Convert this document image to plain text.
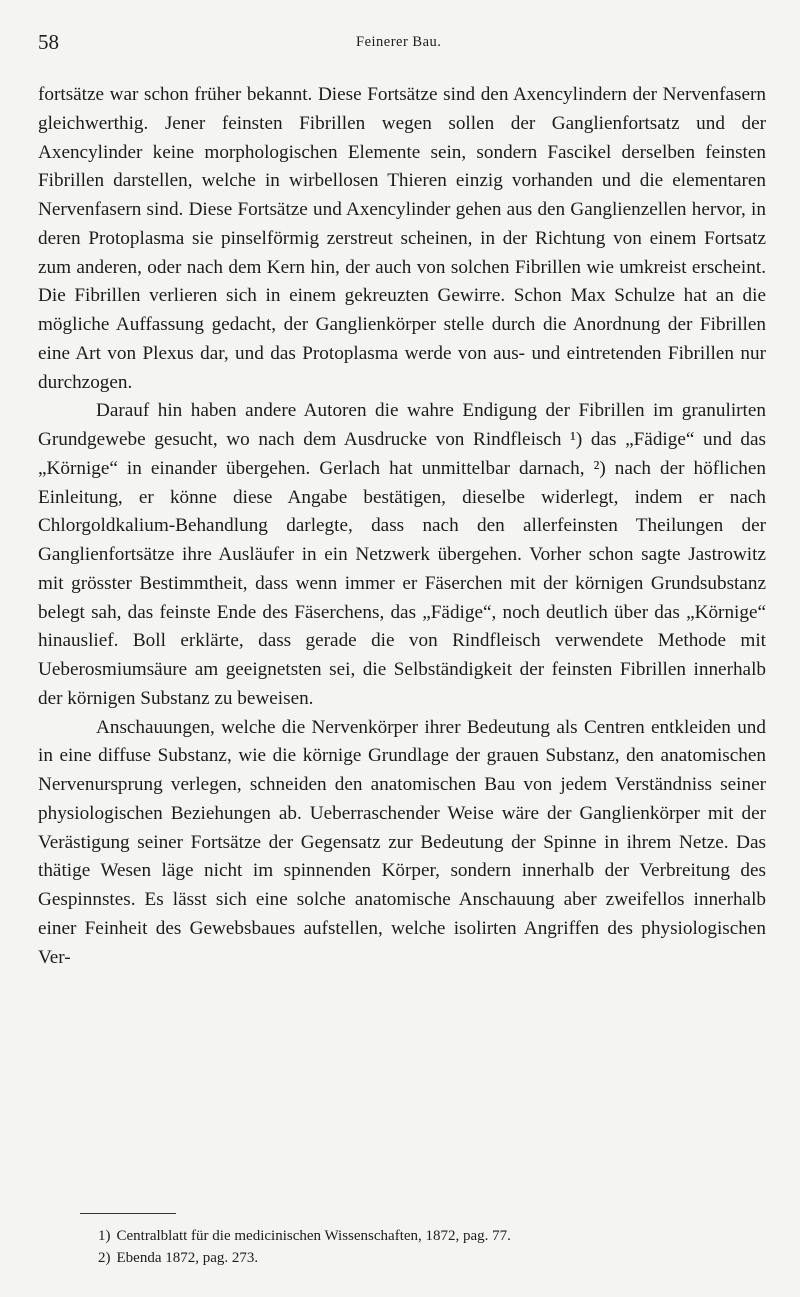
58	Feinerer Bau.

fortsätze war schon früher bekannt. Diese Fortsätze sind den Axencylindern der Nervenfasern gleichwerthig. Jener feinsten Fibrillen wegen sollen der Ganglienfortsatz und der Axencylinder keine morphologischen Elemente sein, sondern Fascikel derselben feinsten Fibrillen darstellen, welche in wirbellosen Thieren einzig vorhanden und die elementaren Nervenfasern sind. Diese Fortsätze und Axencylinder gehen aus den Ganglienzellen hervor, in deren Protoplasma sie pinselförmig zerstreut scheinen, in der Richtung von einem Fortsatz zum anderen, oder nach dem Kern hin, der auch von solchen Fibrillen wie umkreist erscheint. Die Fibrillen verlieren sich in einem gekreuzten Gewirre. Schon Max Schulze hat an die mögliche Auffassung gedacht, der Ganglienkörper stelle durch die Anordnung der Fibrillen eine Art von Plexus dar, und das Protoplasma werde von aus- und eintretenden Fibrillen nur durchzogen.

Darauf hin haben andere Autoren die wahre Endigung der Fibrillen im granulirten Grundgewebe gesucht, wo nach dem Ausdrucke von Rindfleisch ¹) das „Fädige“ und das „Körnige“ in einander übergehen. Gerlach hat unmittelbar darnach, ²) nach der höflichen Einleitung, er könne diese Angabe bestätigen, dieselbe widerlegt, indem er nach Chlorgoldkalium-Behandlung darlegte, dass nach den allerfeinsten Theilungen der Ganglienfortsätze ihre Ausläufer in ein Netzwerk übergehen. Vorher schon sagte Jastrowitz mit grösster Bestimmtheit, dass wenn immer er Fäserchen mit der körnigen Grundsubstanz belegt sah, das feinste Ende des Fäserchens, das „Fädige“, noch deutlich über das „Körnige“ hinauslief. Boll erklärte, dass gerade die von Rindfleisch verwendete Methode mit Ueberosmiumsäure am geeignetsten sei, die Selbständigkeit der feinsten Fibrillen innerhalb der körnigen Substanz zu beweisen.

Anschauungen, welche die Nervenkörper ihrer Bedeutung als Centren entkleiden und in eine diffuse Substanz, wie die körnige Grundlage der grauen Substanz, den anatomischen Nervenursprung verlegen, schneiden den anatomischen Bau von jedem Verständniss seiner physiologischen Beziehungen ab. Ueberraschender Weise wäre der Ganglienkörper mit der Verästigung seiner Fortsätze der Gegensatz zur Bedeutung der Spinne in ihrem Netze. Das thätige Wesen läge nicht im spinnenden Körper, sondern innerhalb der Verbreitung des Gespinnstes. Es lässt sich eine solche anatomische Anschauung aber zweifellos innerhalb einer Feinheit des Gewebsbaues aufstellen, welche isolirten Angriffen des physiologischen Ver-

1) Centralblatt für die medicinischen Wissenschaften, 1872, pag. 77.
2) Ebenda 1872, pag. 273.
